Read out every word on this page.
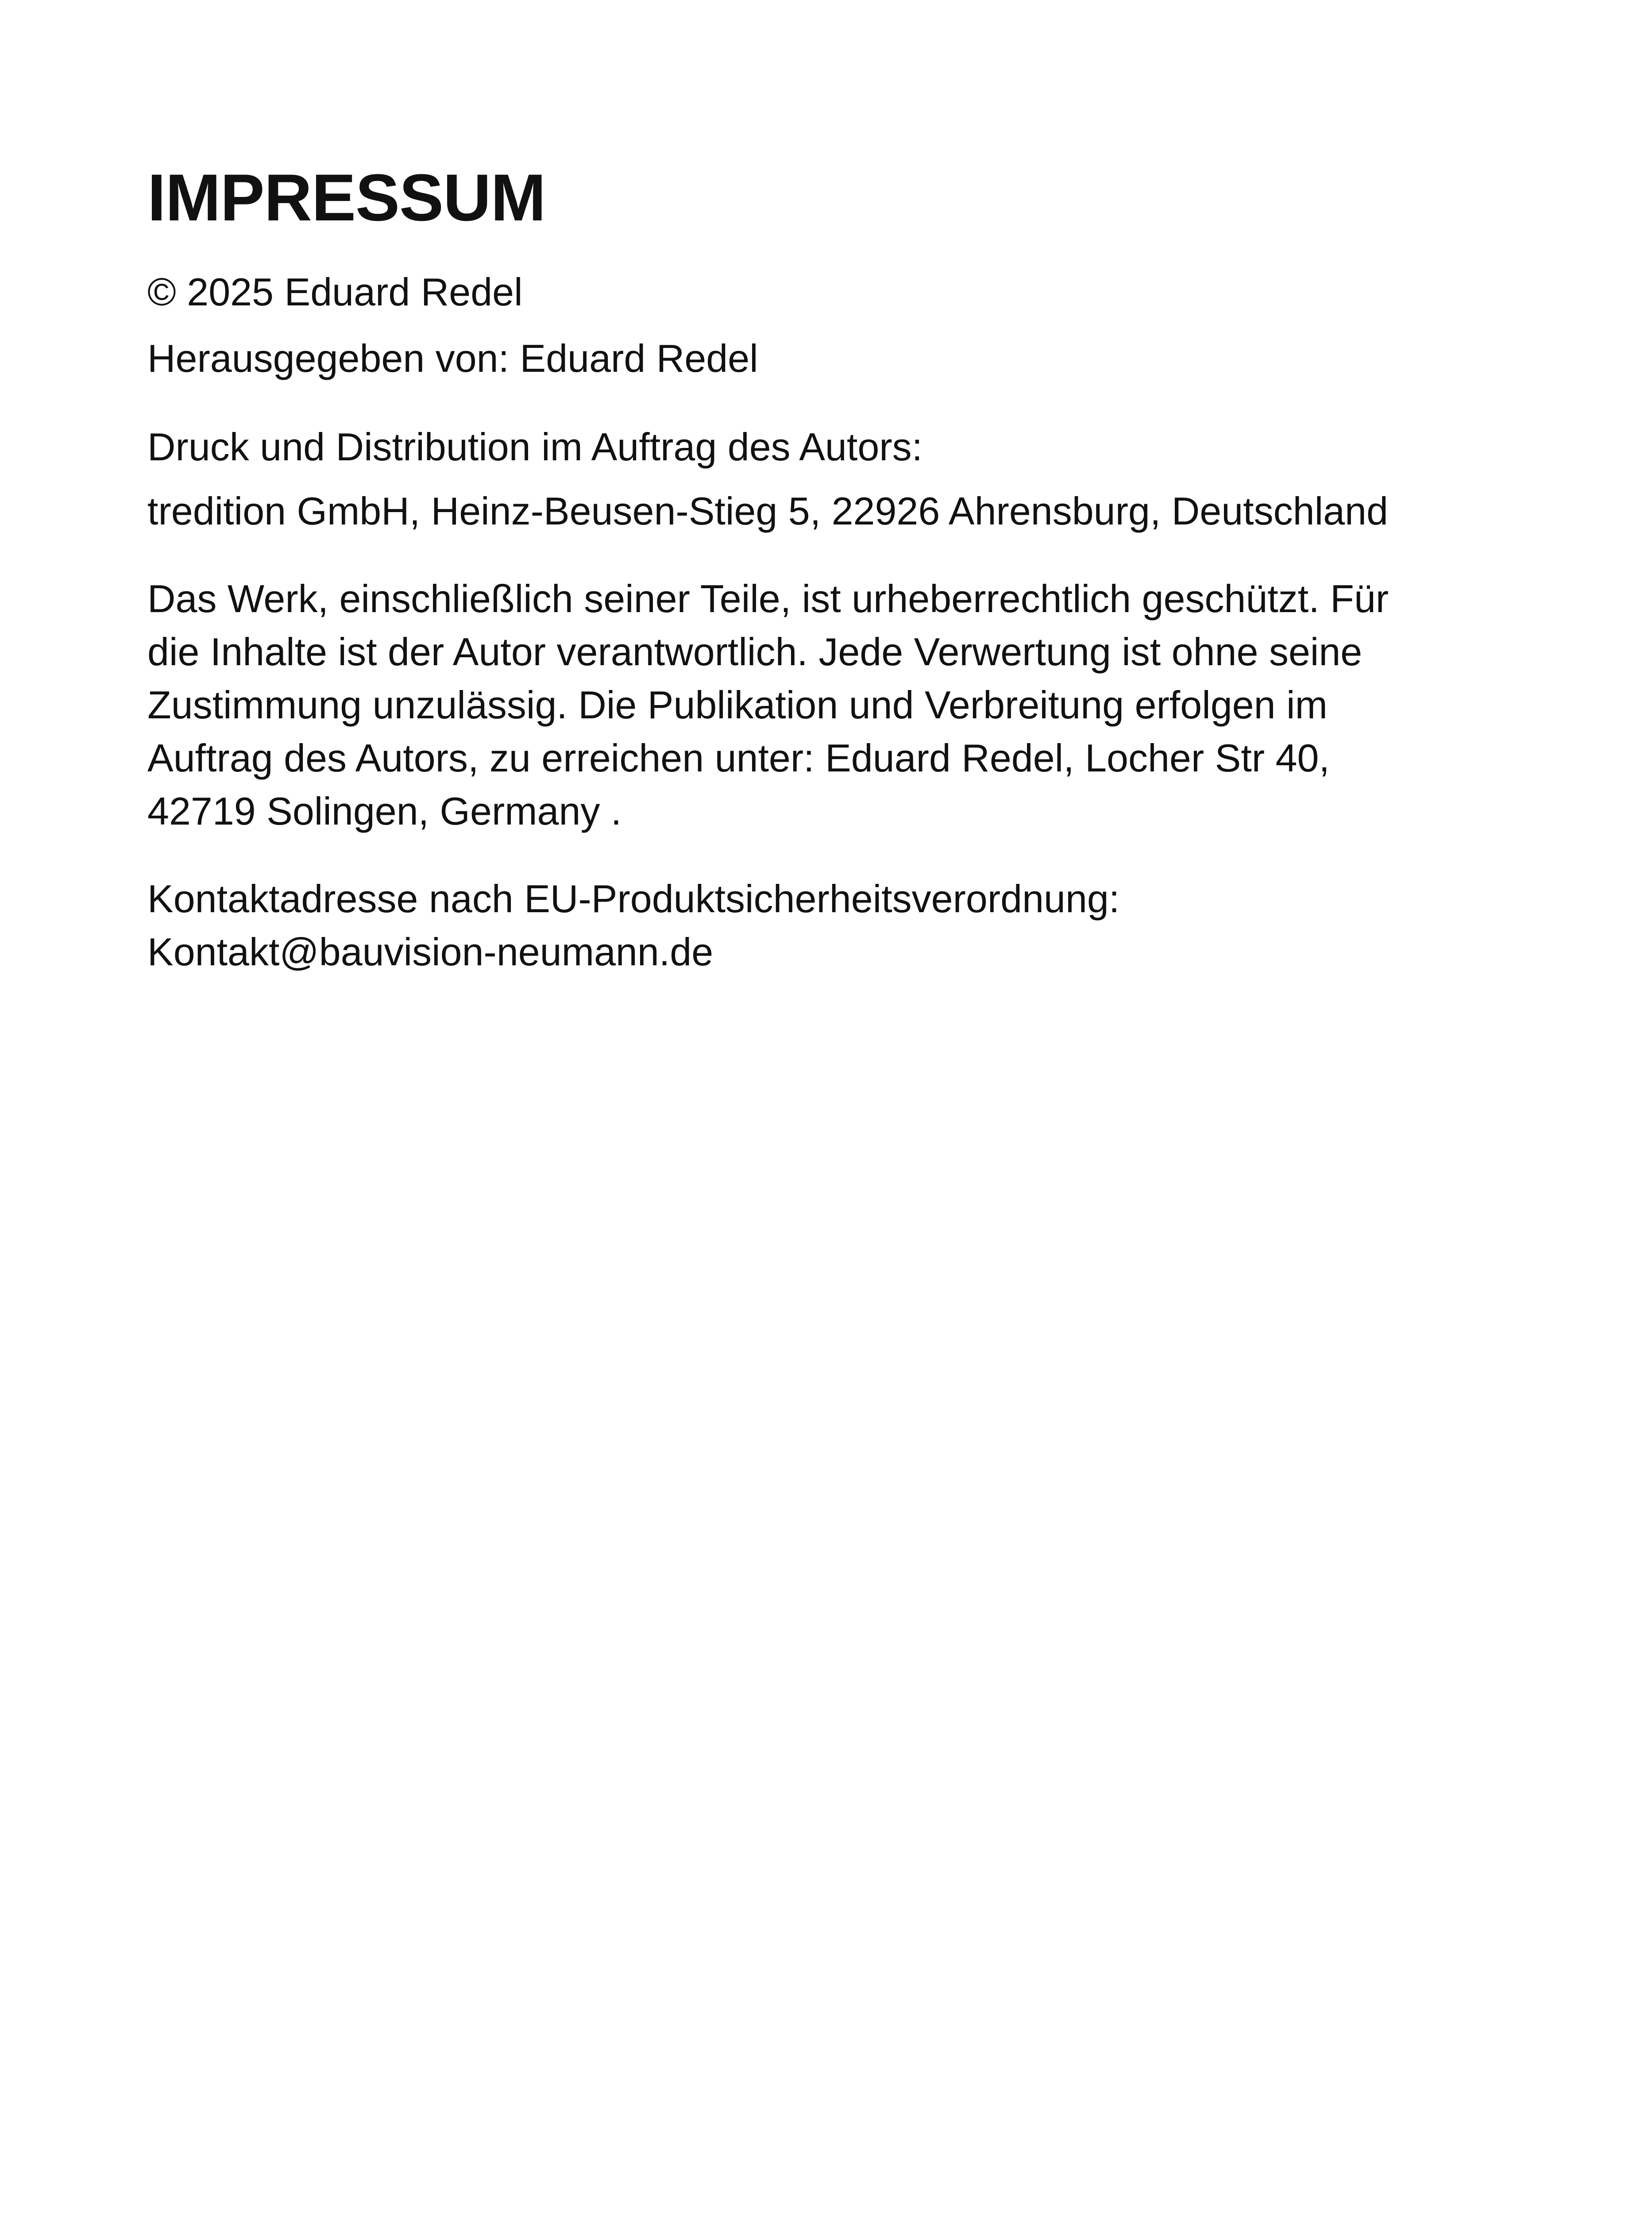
IMPRESSUM

© 2025 Eduard Redel

Herausgegeben von: Eduard Redel

Druck und Distribution im Auftrag des Autors:

tredition GmbH, Heinz-Beusen-Stieg 5, 22926 Ahrensburg, Deutschland

Das Werk, einschließlich seiner Teile, ist urheberrechtlich geschützt. Für

die Inhalte ist der Autor verantwortlich. Jede Verwertung ist ohne seine

Zustimmung unzulässig. Die Publikation und Verbreitung erfolgen im

Auftrag des Autors, zu erreichen unter: Eduard Redel, Locher Str 40,

42719 Solingen, Germany .

Kontaktadresse nach EU-Produktsicherheitsverordnung:

Kontakt@bauvision-neumann.de
